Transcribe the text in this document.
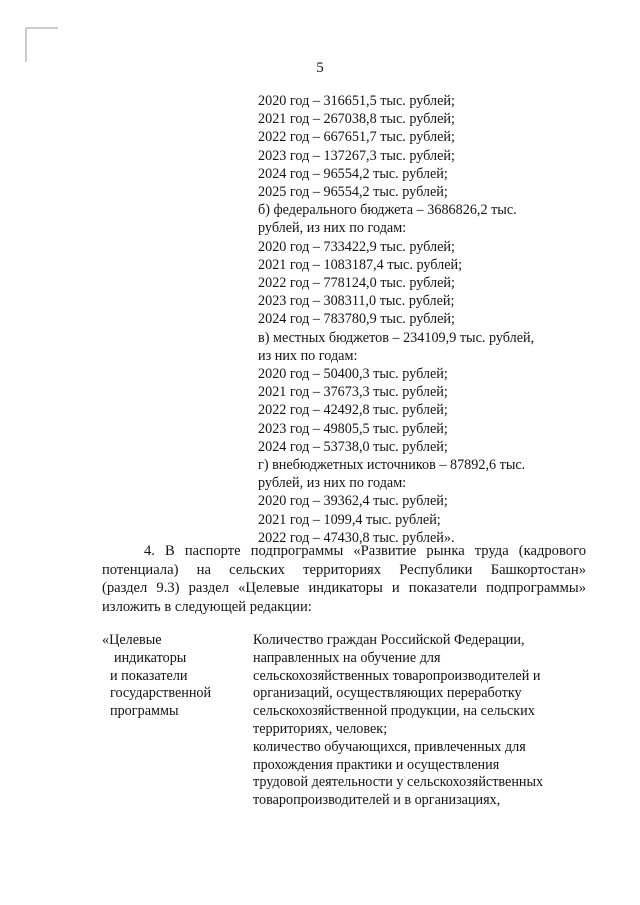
5
2020 год – 316651,5 тыс. рублей;
2021 год – 267038,8 тыс. рублей;
2022 год – 667651,7 тыс. рублей;
2023 год – 137267,3 тыс. рублей;
2024 год – 96554,2 тыс. рублей;
2025 год – 96554,2 тыс. рублей;
б) федерального бюджета – 3686826,2 тыс.
рублей, из них по годам:
2020 год – 733422,9 тыс. рублей;
2021 год – 1083187,4 тыс. рублей;
2022 год – 778124,0 тыс. рублей;
2023 год – 308311,0 тыс. рублей;
2024 год – 783780,9 тыс. рублей;
в) местных бюджетов – 234109,9 тыс. рублей,
из них по годам:
2020 год – 50400,3 тыс. рублей;
2021 год – 37673,3 тыс. рублей;
2022 год – 42492,8 тыс. рублей;
2023 год – 49805,5 тыс. рублей;
2024 год – 53738,0 тыс. рублей;
г) внебюджетных источников – 87892,6 тыс.
рублей, из них по годам:
2020 год – 39362,4 тыс. рублей;
2021 год – 1099,4 тыс. рублей;
2022 год – 47430,8 тыс. рублей».
4. В паспорте подпрограммы «Развитие рынка труда (кадрового
потенциала) на сельских территориях Республики Башкортостан»
(раздел 9.3) раздел «Целевые индикаторы и показатели подпрограммы»
изложить в следующей редакции:
«Целевые
индикаторы
и показатели
государственной
программы
Количество граждан Российской Федерации,
направленных на обучение для
сельскохозяйственных товаропроизводителей и
организаций, осуществляющих переработку
сельскохозяйственной продукции, на сельских
территориях, человек;
количество обучающихся, привлеченных для
прохождения практики и осуществления
трудовой деятельности у сельскохозяйственных
товаропроизводителей и в организациях,
